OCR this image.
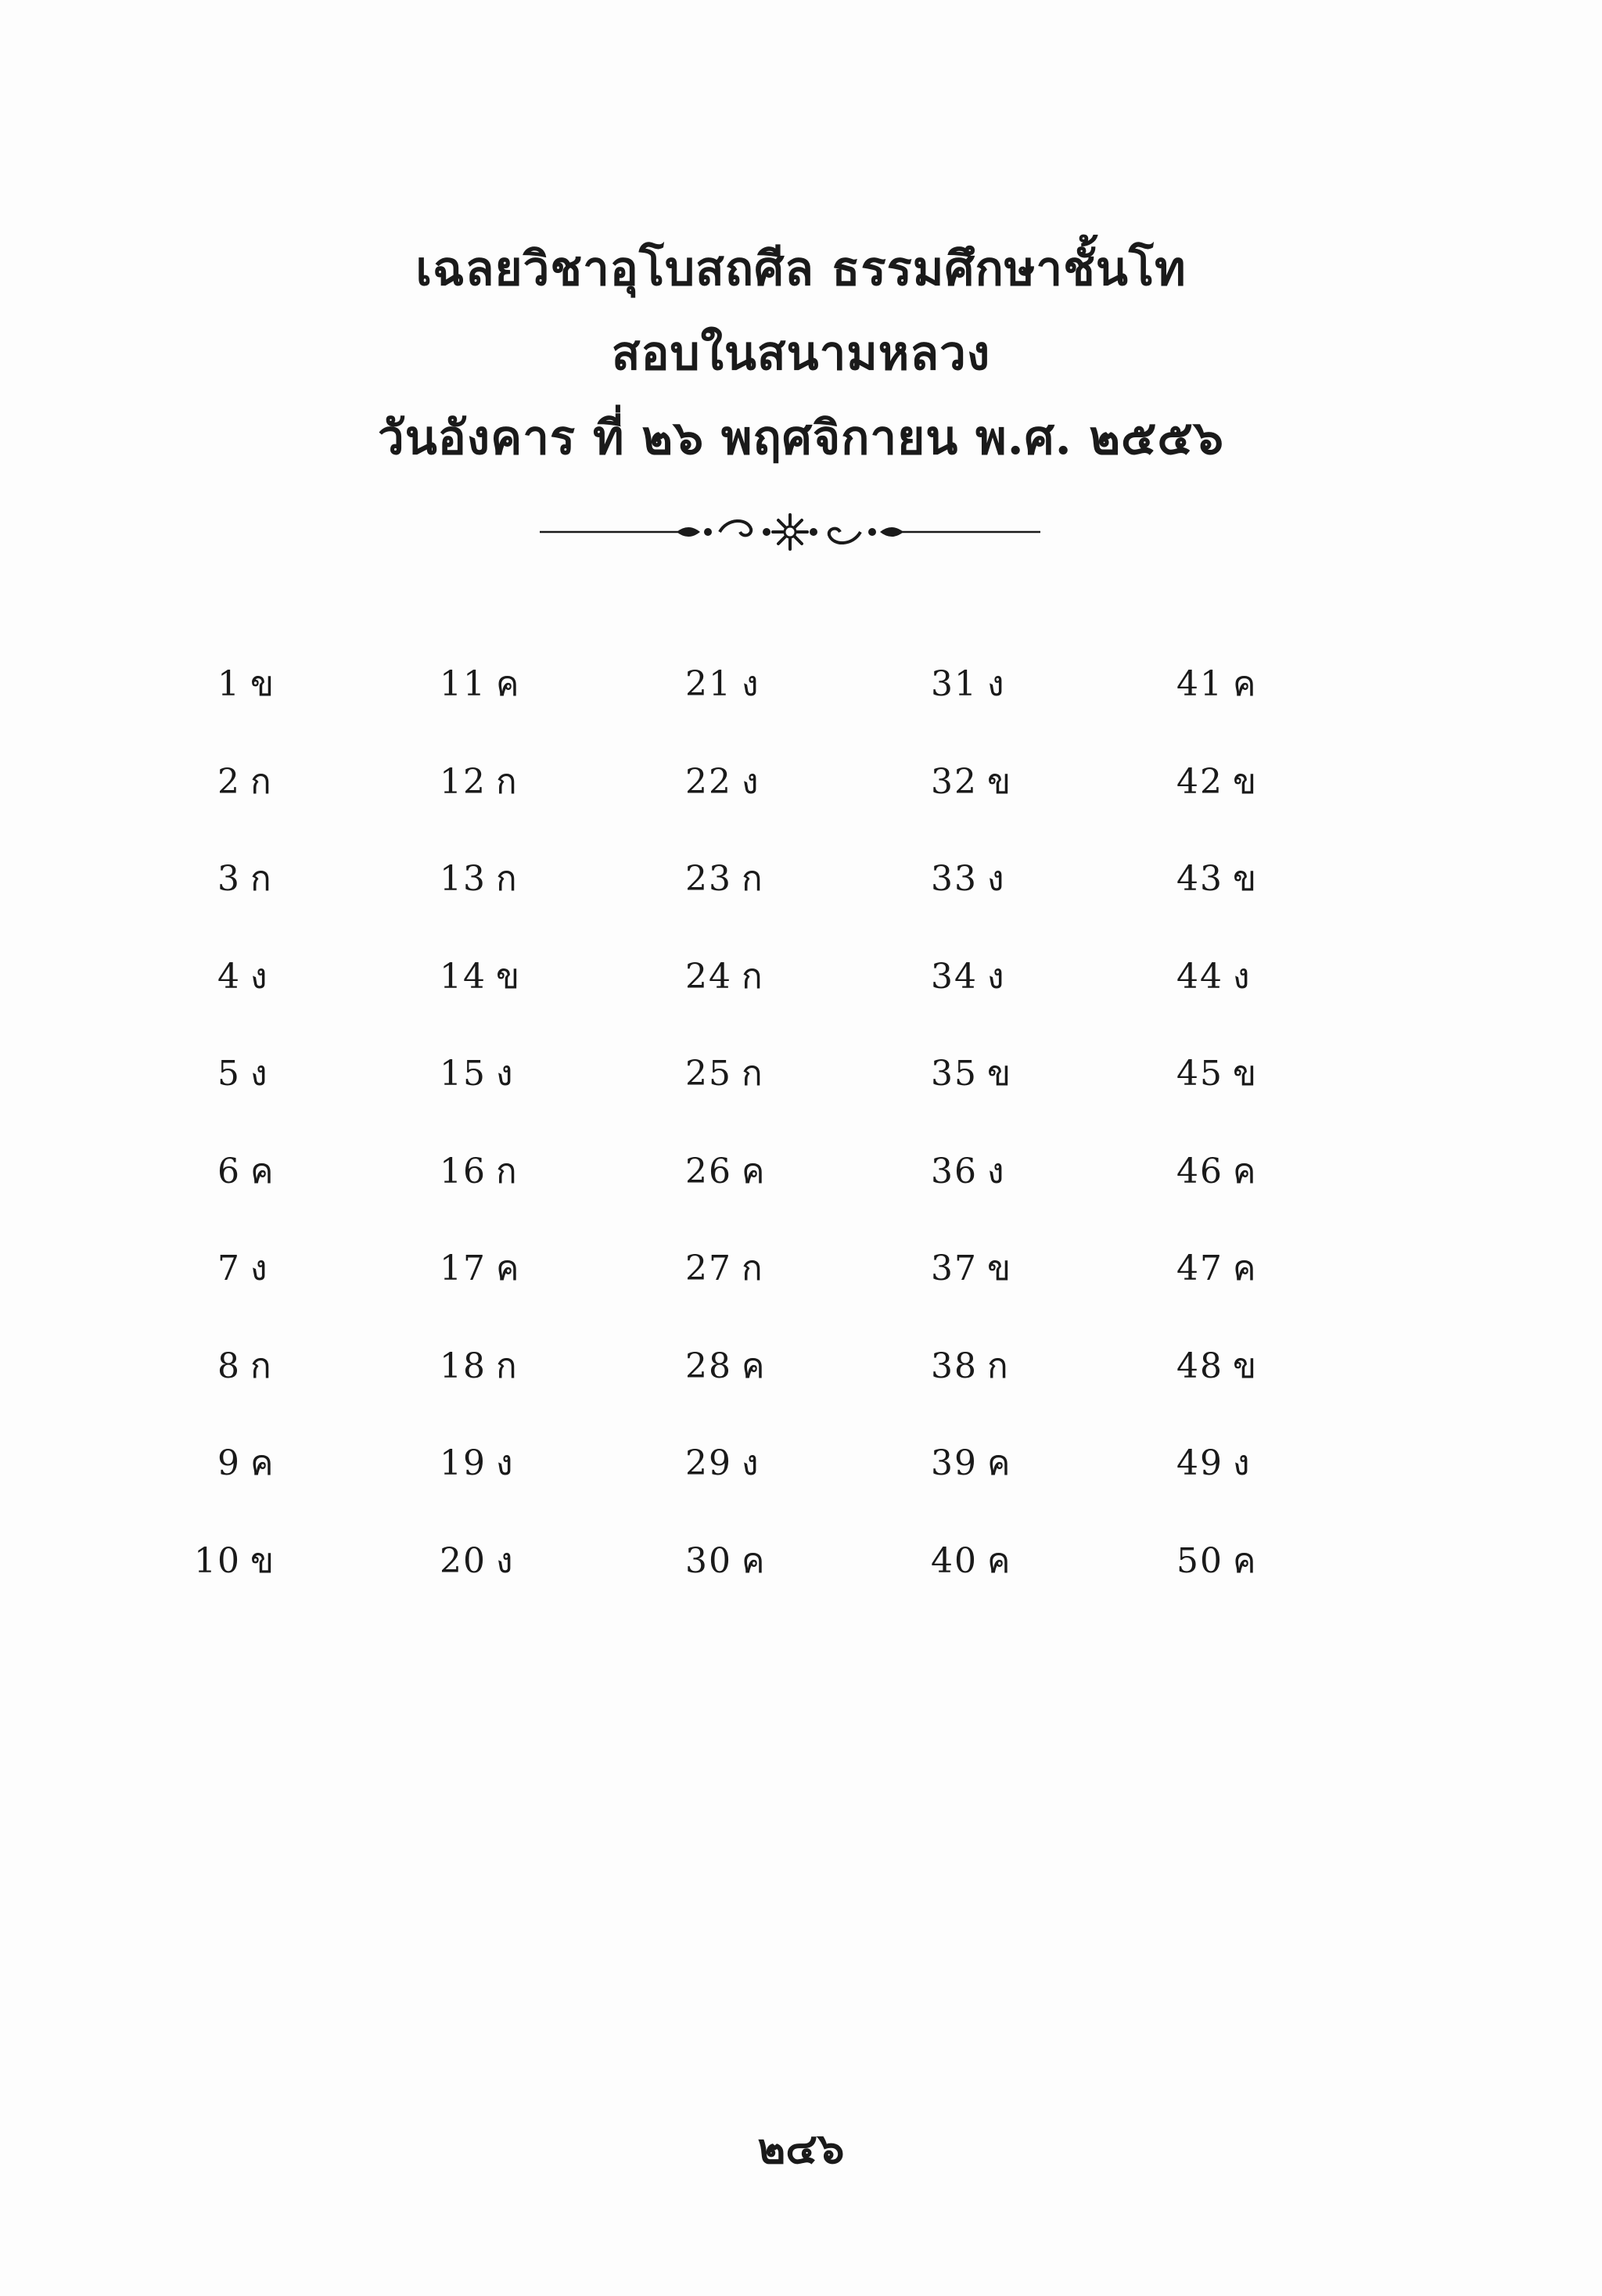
เฉลยวิชาอุโบสถศีล ธรรมศึกษาชั้นโท
สอบในสนามหลวง
วันอังคาร ที่ ๒๖ พฤศจิกายน พ.ศ. ๒๕๕๖
1 ข
2 ก
3 ก
4 ง
5 ง
6 ค
7 ง
8 ก
9 ค
10 ข
11 ค
12 ก
13 ก
14 ข
15 ง
16 ก
17 ค
18 ก
19 ง
20 ง
21 ง
22 ง
23 ก
24 ก
25 ก
26 ค
27 ก
28 ค
29 ง
30 ค
31 ง
32 ข
33 ง
34 ง
35 ข
36 ง
37 ข
38 ก
39 ค
40 ค
41 ค
42 ข
43 ข
44 ง
45 ข
46 ค
47 ค
48 ข
49 ง
50 ค
๒๔๖
